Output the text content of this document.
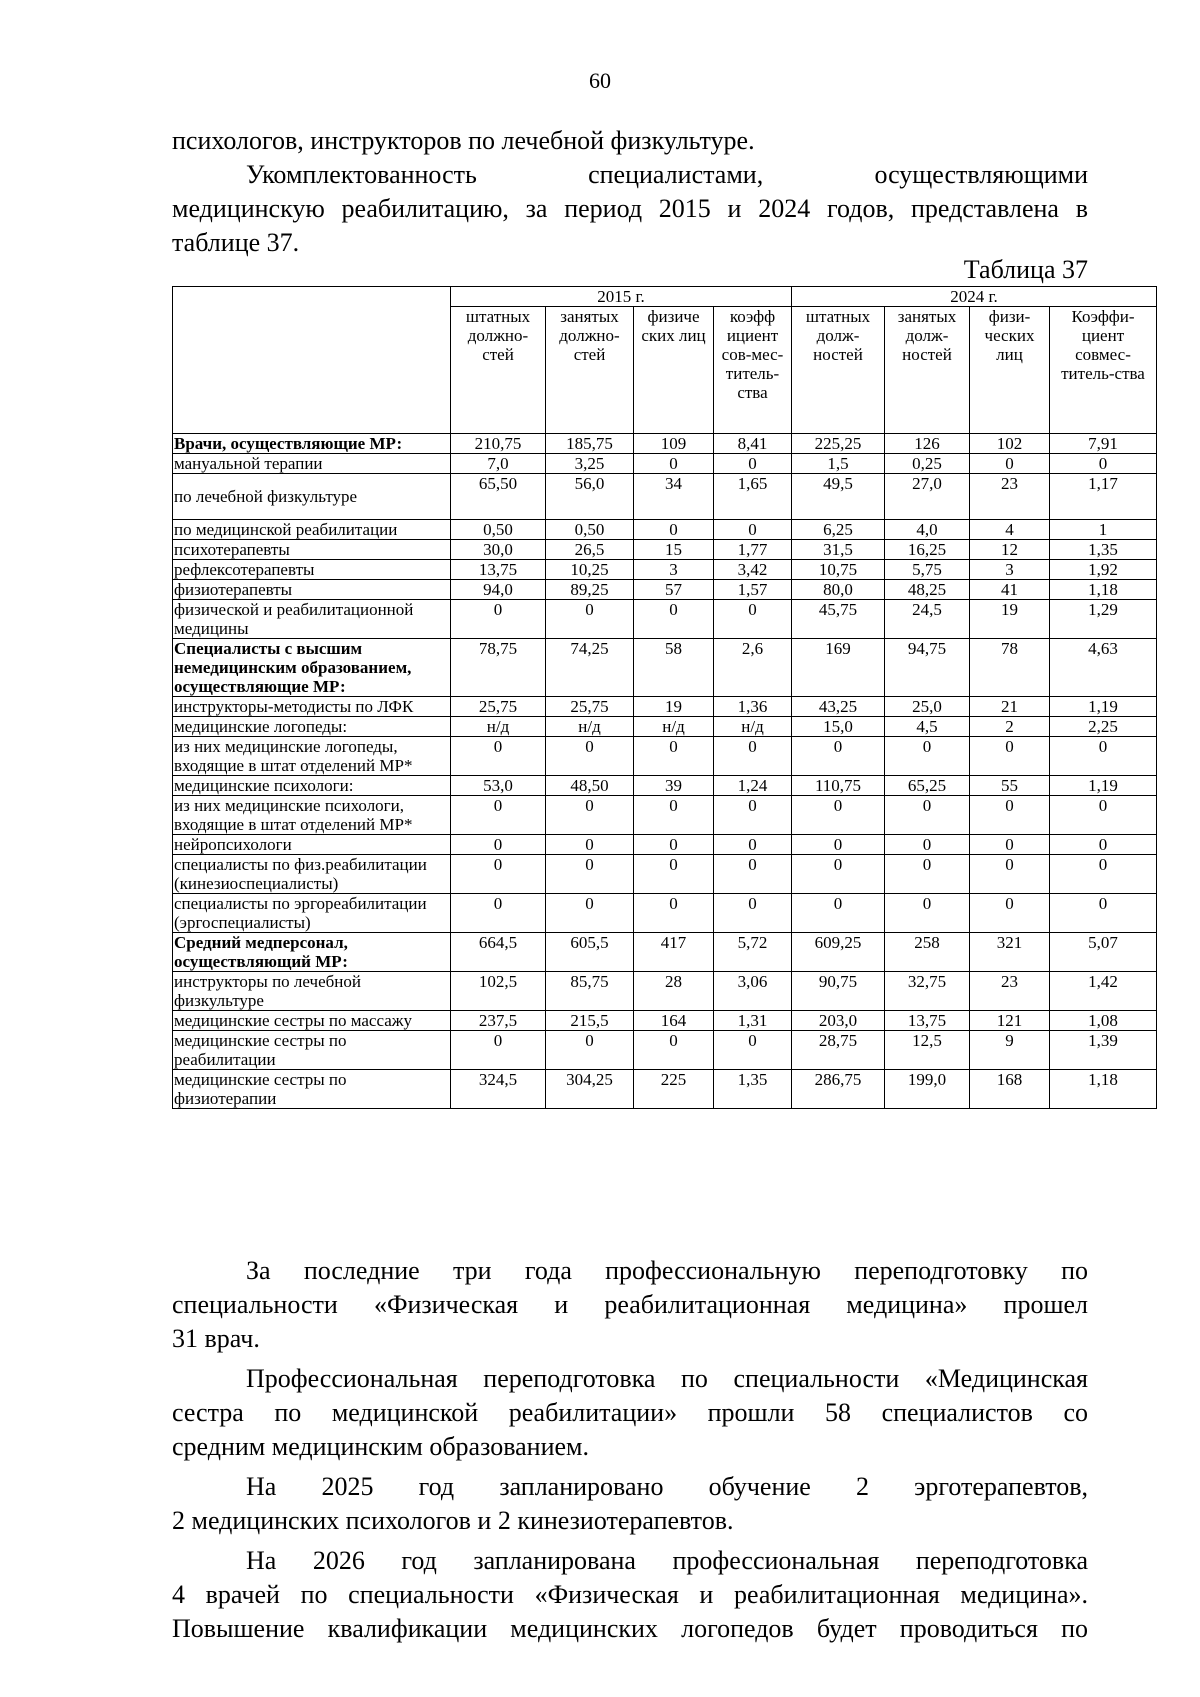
60

психологов, инструкторов по лечебной физкультуре.

Укомплектованность специалистами, осуществляющими

медицинскую реабилитацию, за период 2015 и 2024 годов, представлена в таблице 37.

Таблица 37
	2015 г.				2024 г.			
	штатных должно-стей	занятых должно-стей	физиче ских лиц	коэфф ициент сов-мес-титель-ства	штатных долж-ностей	занятых долж-ностей	физи-ческих лиц	Коэффи-циент совмес-титель-ства
Врачи, осуществляющие МР:	210,75	185,75	109	8,41	225,25	126	102	7,91
мануальной терапии	7,0	3,25	0	0	1,5	0,25	0	0
по лечебной физкультуре	65,50	56,0	34	1,65	49,5	27,0	23	1,17
по медицинской реабилитации	0,50	0,50	0	0	6,25	4,0	4	1
психотерапевты	30,0	26,5	15	1,77	31,5	16,25	12	1,35
рефлексотерапевты	13,75	10,25	3	3,42	10,75	5,75	3	1,92
физиотерапевты	94,0	89,25	57	1,57	80,0	48,25	41	1,18
физической и реабилитационной медицины	0	0	0	0	45,75	24,5	19	1,29
Специалисты с высшим немедицинским образованием, осуществляющие МР:	78,75	74,25	58	2,6	169	94,75	78	4,63
инструкторы-методисты по ЛФК	25,75	25,75	19	1,36	43,25	25,0	21	1,19
медицинские логопеды:	н/д	н/д	н/д	н/д	15,0	4,5	2	2,25
из них медицинские логопеды, входящие в штат отделений МР*	0	0	0	0	0	0	0	0
медицинские психологи:	53,0	48,50	39	1,24	110,75	65,25	55	1,19
из них медицинские психологи, входящие в штат отделений МР*	0	0	0	0	0	0	0	0
нейропсихологи	0	0	0	0	0	0	0	0
специалисты по физ.реабилитации (кинезиоспециалисты)	0	0	0	0	0	0	0	0
специалисты по эргореабилитации (эргоспециалисты)	0	0	0	0	0	0	0	0
Средний медперсонал, осуществляющий МР:	664,5	605,5	417	5,72	609,25	258	321	5,07
инструкторы по лечебной физкультуре	102,5	85,75	28	3,06	90,75	32,75	23	1,42
медицинские сестры по массажу	237,5	215,5	164	1,31	203,0	13,75	121	1,08
медицинские сестры по реабилитации	0	0	0	0	28,75	12,5	9	1,39
медицинские сестры по физиотерапии	324,5	304,25	225	1,35	286,75	199,0	168	1,18

За последние три года профессиональную переподготовку по

специальности «Физическая и реабилитационная медицина» прошел

31 врач.

Профессиональная переподготовка по специальности «Медицинская

сестра по медицинской реабилитации» прошли 58 специалистов со

средним медицинским образованием.

На 2025 год запланировано обучение 2 эрготерапевтов,

2 медицинских психологов и 2 кинезиотерапевтов.

На 2026 год запланирована профессиональная переподготовка

4 врачей по специальности «Физическая и реабилитационная медицина».

Повышение квалификации медицинских логопедов будет проводиться по
